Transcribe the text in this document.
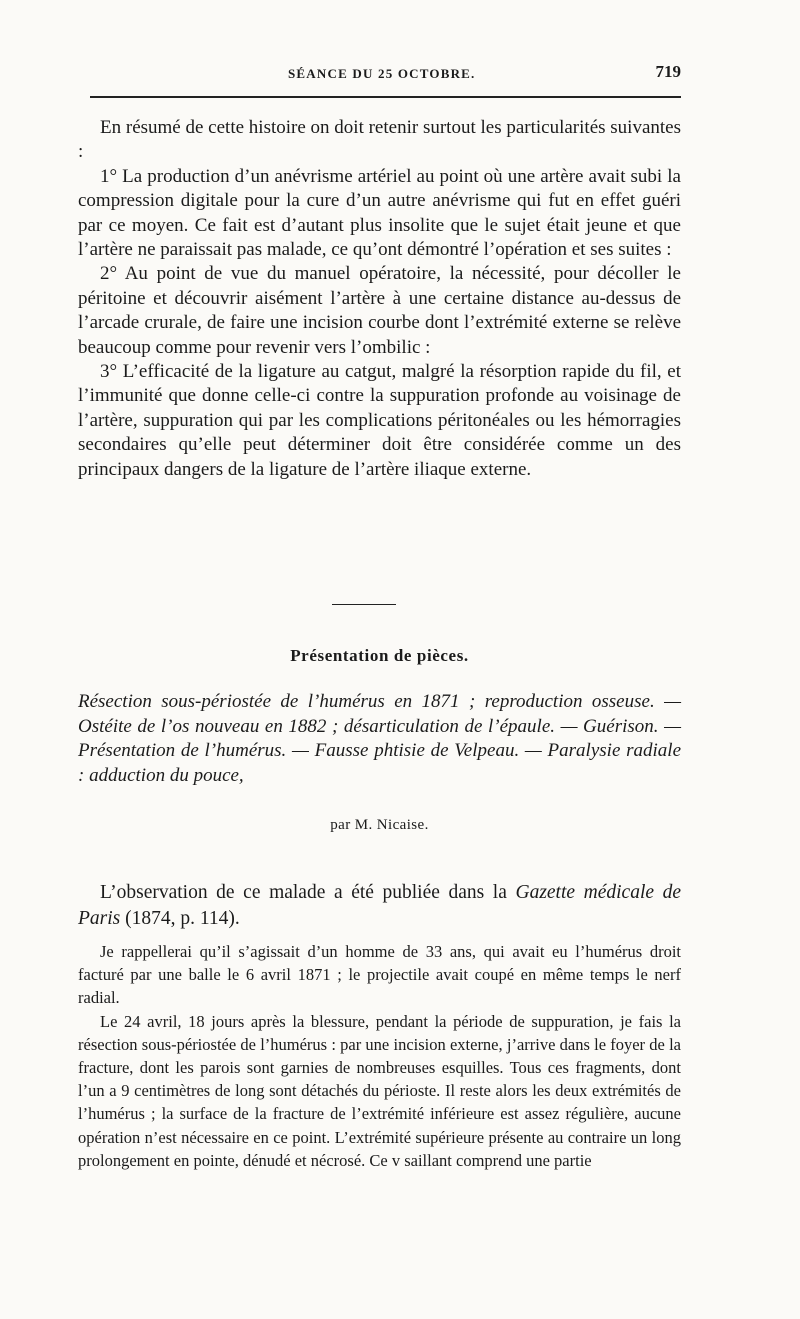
SÉANCE DU 25 OCTOBRE.	719

En résumé de cette histoire on doit retenir surtout les particularités suivantes :

1° La production d’un anévrisme artériel au point où une artère avait subi la compression digitale pour la cure d’un autre anévrisme qui fut en effet guéri par ce moyen. Ce fait est d’autant plus insolite que le sujet était jeune et que l’artère ne paraissait pas malade, ce qu’ont démontré l’opération et ses suites :

2° Au point de vue du manuel opératoire, la nécessité, pour décoller le péritoine et découvrir aisément l’artère à une certaine distance au-dessus de l’arcade crurale, de faire une incision courbe dont l’extrémité externe se relève beaucoup comme pour revenir vers l’ombilic :

3° L’efficacité de la ligature au catgut, malgré la résorption rapide du fil, et l’immunité que donne celle-ci contre la suppuration profonde au voisinage de l’artère, suppuration qui par les complications péritonéales ou les hémorragies secondaires qu’elle peut déterminer doit être considérée comme un des principaux dangers de la ligature de l’artère iliaque externe.

Présentation de pièces.
Résection sous-périostée de l’humérus en 1871 ; reproduction osseuse. — Ostéite de l’os nouveau en 1882 ; désarticulation de l’épaule. — Guérison. — Présentation de l’humérus. — Fausse phtisie de Velpeau. — Paralysie radiale : adduction du pouce,
par M. Nicaise.

L’observation de ce malade a été publiée dans la Gazette médicale de Paris (1874, p. 114).

Je rappellerai qu’il s’agissait d’un homme de 33 ans, qui avait eu l’humérus droit facturé par une balle le 6 avril 1871 ; le projectile avait coupé en même temps le nerf radial.

Le 24 avril, 18 jours après la blessure, pendant la période de suppuration, je fais la résection sous-périostée de l’humérus : par une incision externe, j’arrive dans le foyer de la fracture, dont les parois sont garnies de nombreuses esquilles. Tous ces fragments, dont l’un a 9 centimètres de long sont détachés du périoste. Il reste alors les deux extrémités de l’humérus ; la surface de la fracture de l’extrémité inférieure est assez régulière, aucune opération n’est nécessaire en ce point. L’extrémité supérieure présente au contraire un long prolongement en pointe, dénudé et nécrosé. Ce v saillant comprend une partie
